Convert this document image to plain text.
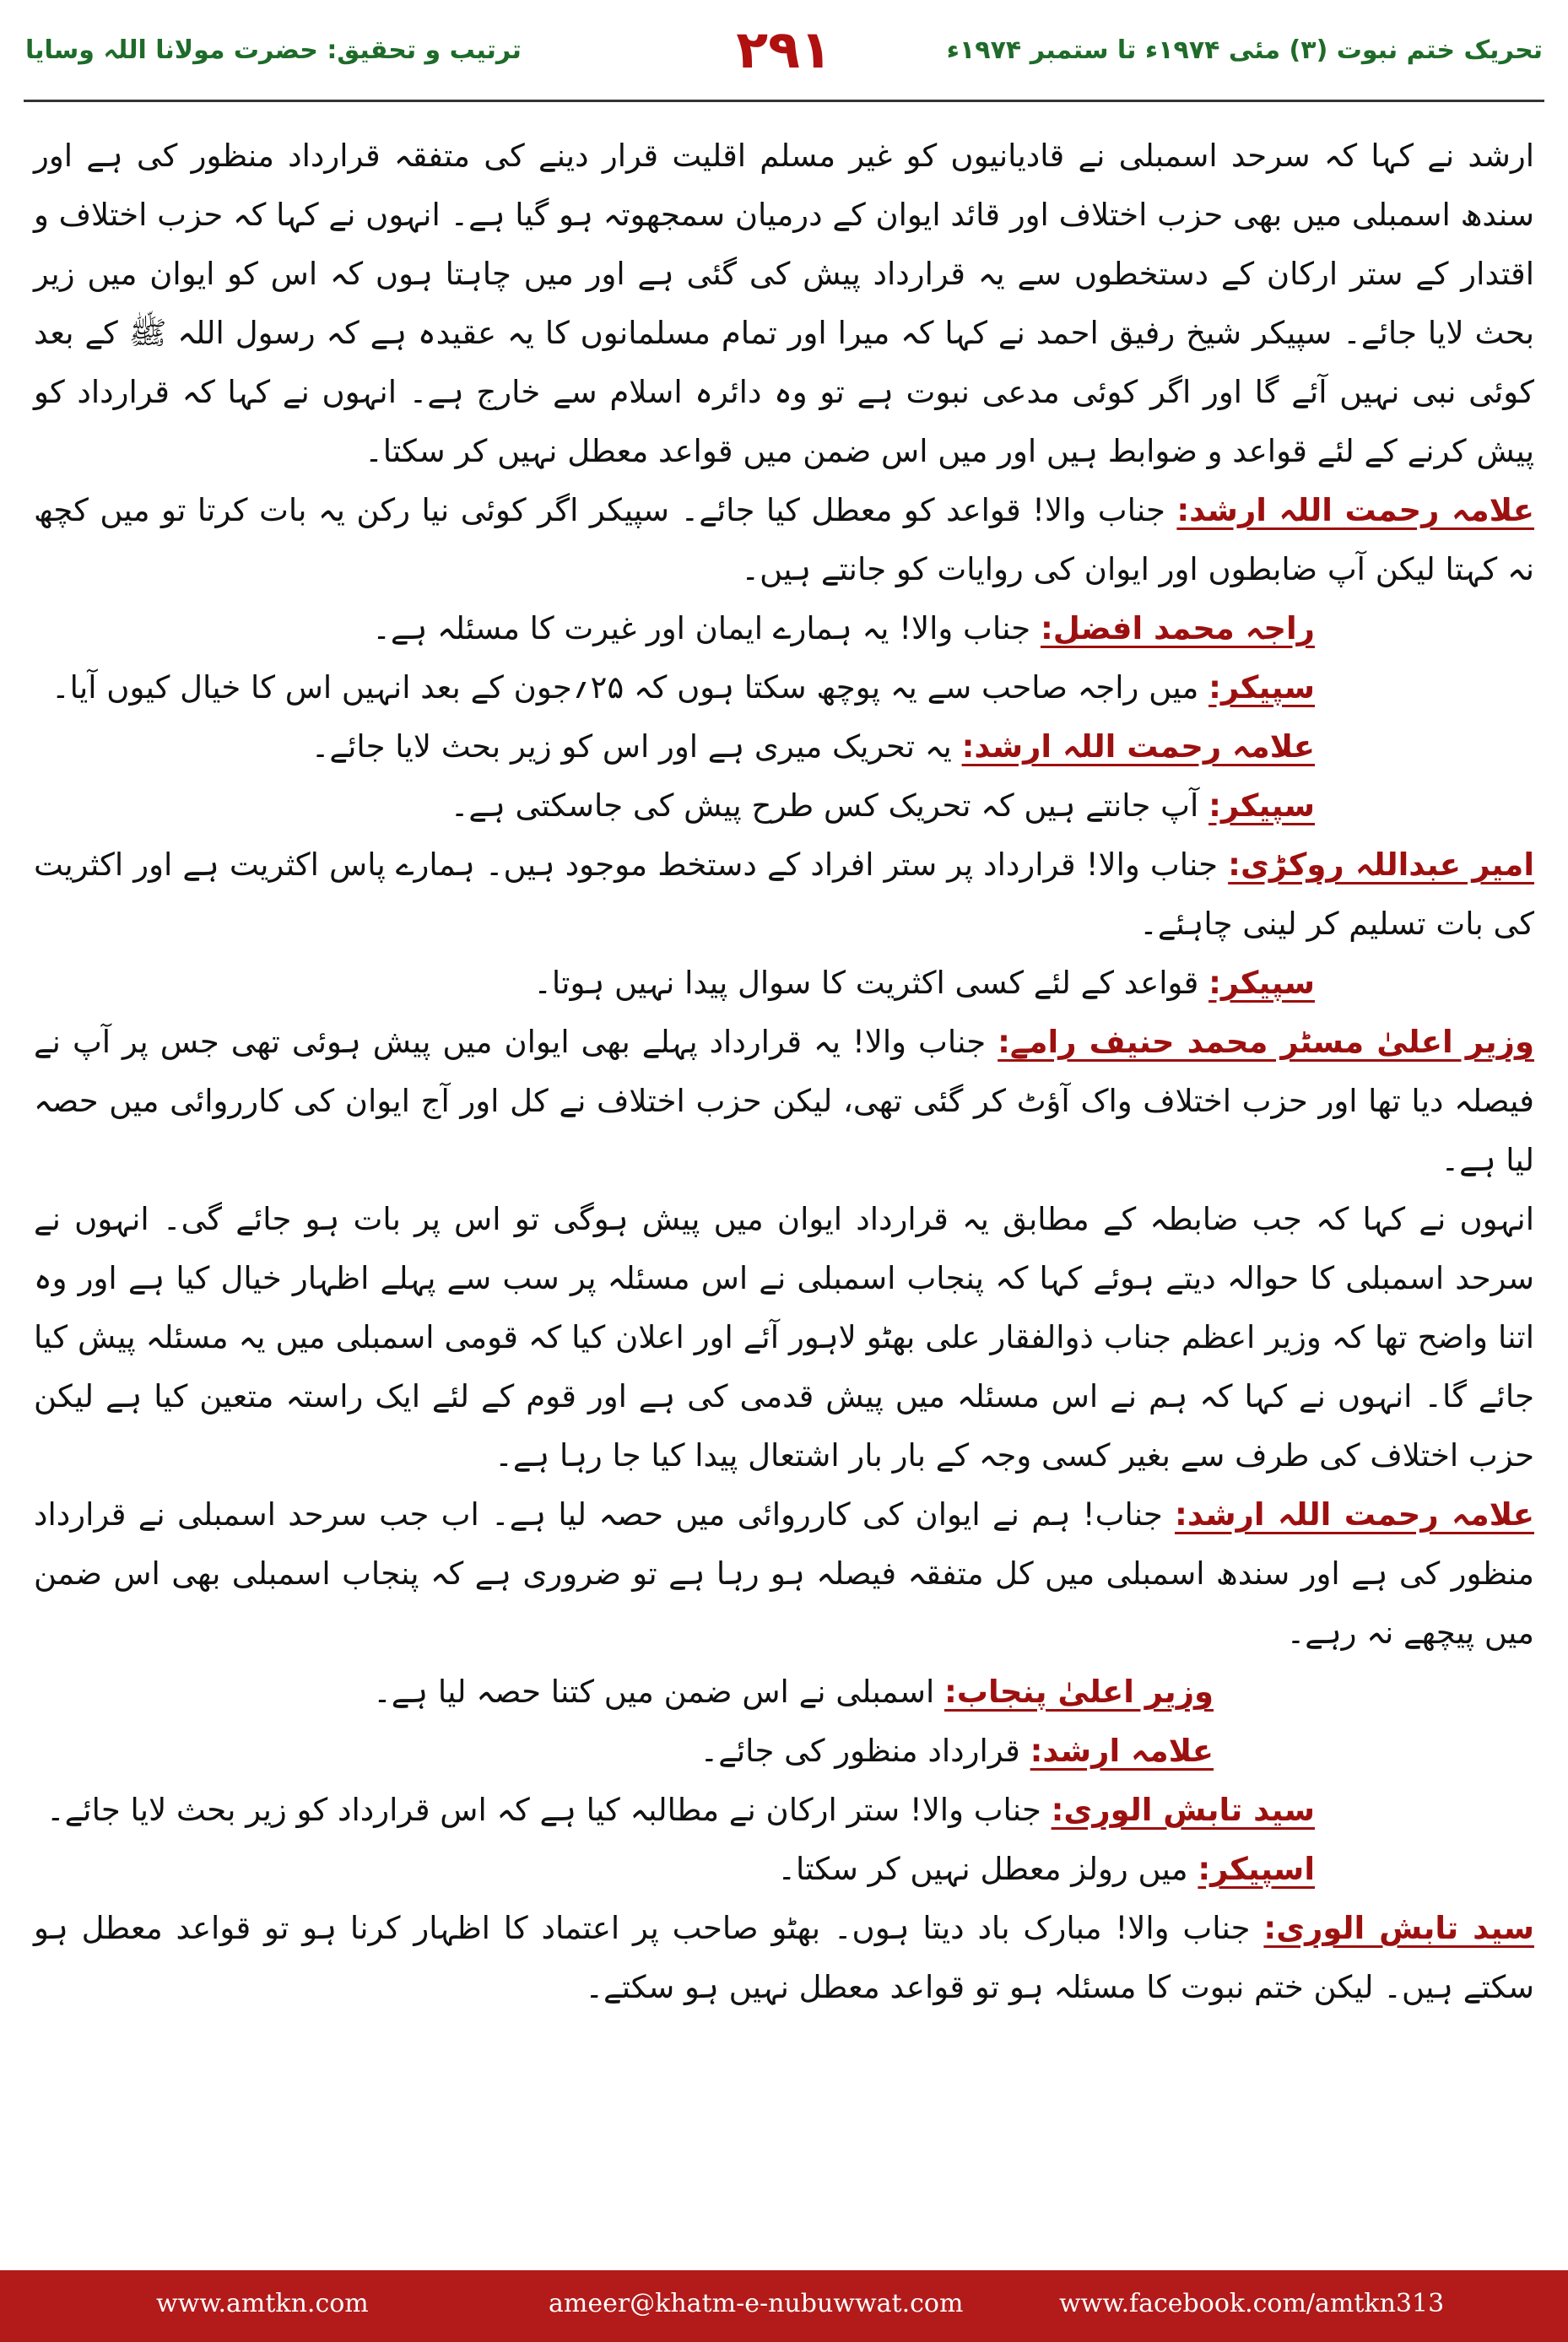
تحریک ختم نبوت (۳) مئی ۱۹۷۴ء تا ستمبر ۱۹۷۴ء
۲۹۱
ترتیب و تحقیق: حضرت مولانا اللہ وسایا

ارشد نے کہا کہ سرحد اسمبلی نے قادیانیوں کو غیر مسلم اقلیت قرار دینے کی متفقہ قرارداد منظور کی ہے اور سندھ اسمبلی میں بھی حزب اختلاف اور قائد ایوان کے درمیان سمجھوتہ ہو گیا ہے۔ انہوں نے کہا کہ حزب اختلاف و اقتدار کے ستر ارکان کے دستخطوں سے یہ قرارداد پیش کی گئی ہے اور میں چاہتا ہوں کہ اس کو ایوان میں زیر بحث لایا جائے۔ سپیکر شیخ رفیق احمد نے کہا کہ میرا اور تمام مسلمانوں کا یہ عقیدہ ہے کہ رسول اللہ ﷺ کے بعد کوئی نبی نہیں آئے گا اور اگر کوئی مدعی نبوت ہے تو وہ دائرہ اسلام سے خارج ہے۔ انہوں نے کہا کہ قرارداد کو پیش کرنے کے لئے قواعد و ضوابط ہیں اور میں اس ضمن میں قواعد معطل نہیں کر سکتا۔

علامہ رحمت اللہ ارشد: جناب والا! قواعد کو معطل کیا جائے۔ سپیکر اگر کوئی نیا رکن یہ بات کرتا تو میں کچھ نہ کہتا لیکن آپ ضابطوں اور ایوان کی روایات کو جانتے ہیں۔

راجہ محمد افضل: جناب والا! یہ ہمارے ایمان اور غیرت کا مسئلہ ہے۔

سپیکر: میں راجہ صاحب سے یہ پوچھ سکتا ہوں کہ ۲۵؍جون کے بعد انہیں اس کا خیال کیوں آیا۔

علامہ رحمت اللہ ارشد: یہ تحریک میری ہے اور اس کو زیر بحث لایا جائے۔

سپیکر: آپ جانتے ہیں کہ تحریک کس طرح پیش کی جاسکتی ہے۔

امیر عبداللہ روکڑی: جناب والا! قرارداد پر ستر افراد کے دستخط موجود ہیں۔ ہمارے پاس اکثریت ہے اور اکثریت کی بات تسلیم کر لینی چاہئے۔

سپیکر: قواعد کے لئے کسی اکثریت کا سوال پیدا نہیں ہوتا۔

وزیر اعلیٰ مسٹر محمد حنیف رامے: جناب والا! یہ قرارداد پہلے بھی ایوان میں پیش ہوئی تھی جس پر آپ نے فیصلہ دیا تھا اور حزب اختلاف واک آؤٹ کر گئی تھی، لیکن حزب اختلاف نے کل اور آج ایوان کی کارروائی میں حصہ لیا ہے۔

انہوں نے کہا کہ جب ضابطہ کے مطابق یہ قرارداد ایوان میں پیش ہوگی تو اس پر بات ہو جائے گی۔ انہوں نے سرحد اسمبلی کا حوالہ دیتے ہوئے کہا کہ پنجاب اسمبلی نے اس مسئلہ پر سب سے پہلے اظہار خیال کیا ہے اور وہ اتنا واضح تھا کہ وزیر اعظم جناب ذوالفقار علی بھٹو لاہور آئے اور اعلان کیا کہ قومی اسمبلی میں یہ مسئلہ پیش کیا جائے گا۔ انہوں نے کہا کہ ہم نے اس مسئلہ میں پیش قدمی کی ہے اور قوم کے لئے ایک راستہ متعین کیا ہے لیکن حزب اختلاف کی طرف سے بغیر کسی وجہ کے بار بار اشتعال پیدا کیا جا رہا ہے۔

علامہ رحمت اللہ ارشد: جناب! ہم نے ایوان کی کارروائی میں حصہ لیا ہے۔ اب جب سرحد اسمبلی نے قرارداد منظور کی ہے اور سندھ اسمبلی میں کل متفقہ فیصلہ ہو رہا ہے تو ضروری ہے کہ پنجاب اسمبلی بھی اس ضمن میں پیچھے نہ رہے۔

وزیر اعلیٰ پنجاب: اسمبلی نے اس ضمن میں کتنا حصہ لیا ہے۔

علامہ ارشد: قرارداد منظور کی جائے۔

سید تابش الوری: جناب والا! ستر ارکان نے مطالبہ کیا ہے کہ اس قرارداد کو زیر بحث لایا جائے۔

اسپیکر: میں رولز معطل نہیں کر سکتا۔

سید تابش الوری: جناب والا! مبارک باد دیتا ہوں۔ بھٹو صاحب پر اعتماد کا اظہار کرنا ہو تو قواعد معطل ہو سکتے ہیں۔ لیکن ختم نبوت کا مسئلہ ہو تو قواعد معطل نہیں ہو سکتے۔

www.amtkn.com	ameer@khatm-e-nubuwwat.com	www.facebook.com/amtkn313
